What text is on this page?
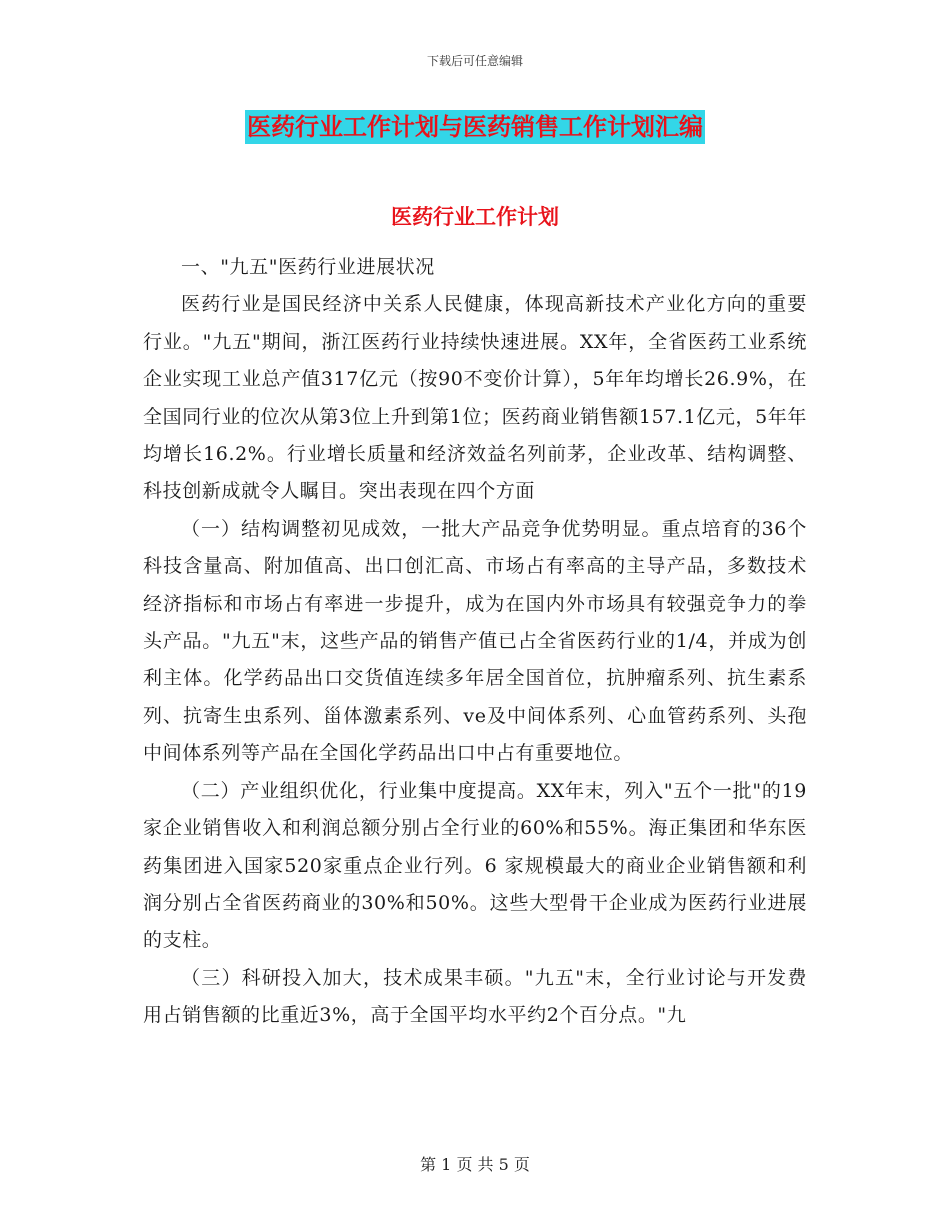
下载后可任意编辑
医药行业工作计划与医药销售工作计划汇编
医药行业工作计划

一、"九五"医药行业进展状况

医药行业是国民经济中关系人民健康，体现高新技术产业化方向的重要行业。"九五"期间，浙江医药行业持续快速进展。XX年，全省医药工业系统企业实现工业总产值317亿元（按90不变价计算），5年年均增长26.9%，在全国同行业的位次从第3位上升到第1位；医药商业销售额157.1亿元，5年年均增长16.2%。行业增长质量和经济效益名列前茅，企业改革、结构调整、科技创新成就令人瞩目。突出表现在四个方面

（一）结构调整初见成效，一批大产品竞争优势明显。重点培育的36个科技含量高、附加值高、出口创汇高、市场占有率高的主导产品，多数技术经济指标和市场占有率进一步提升，成为在国内外市场具有较强竞争力的拳头产品。"九五"末，这些产品的销售产值已占全省医药行业的1/4，并成为创利主体。化学药品出口交货值连续多年居全国首位，抗肿瘤系列、抗生素系列、抗寄生虫系列、甾体激素系列、ve及中间体系列、心血管药系列、头孢中间体系列等产品在全国化学药品出口中占有重要地位。

（二）产业组织优化，行业集中度提高。XX年末，列入"五个一批"的19家企业销售收入和利润总额分别占全行业的60%和55%。海正集团和华东医药集团进入国家520家重点企业行列。6 家规模最大的商业企业销售额和利润分别占全省医药商业的30%和50%。这些大型骨干企业成为医药行业进展的支柱。

（三）科研投入加大，技术成果丰硕。"九五"末，全行业讨论与开发费用占销售额的比重近3%，高于全国平均水平约2个百分点。"九

第 1 页 共 5 页
